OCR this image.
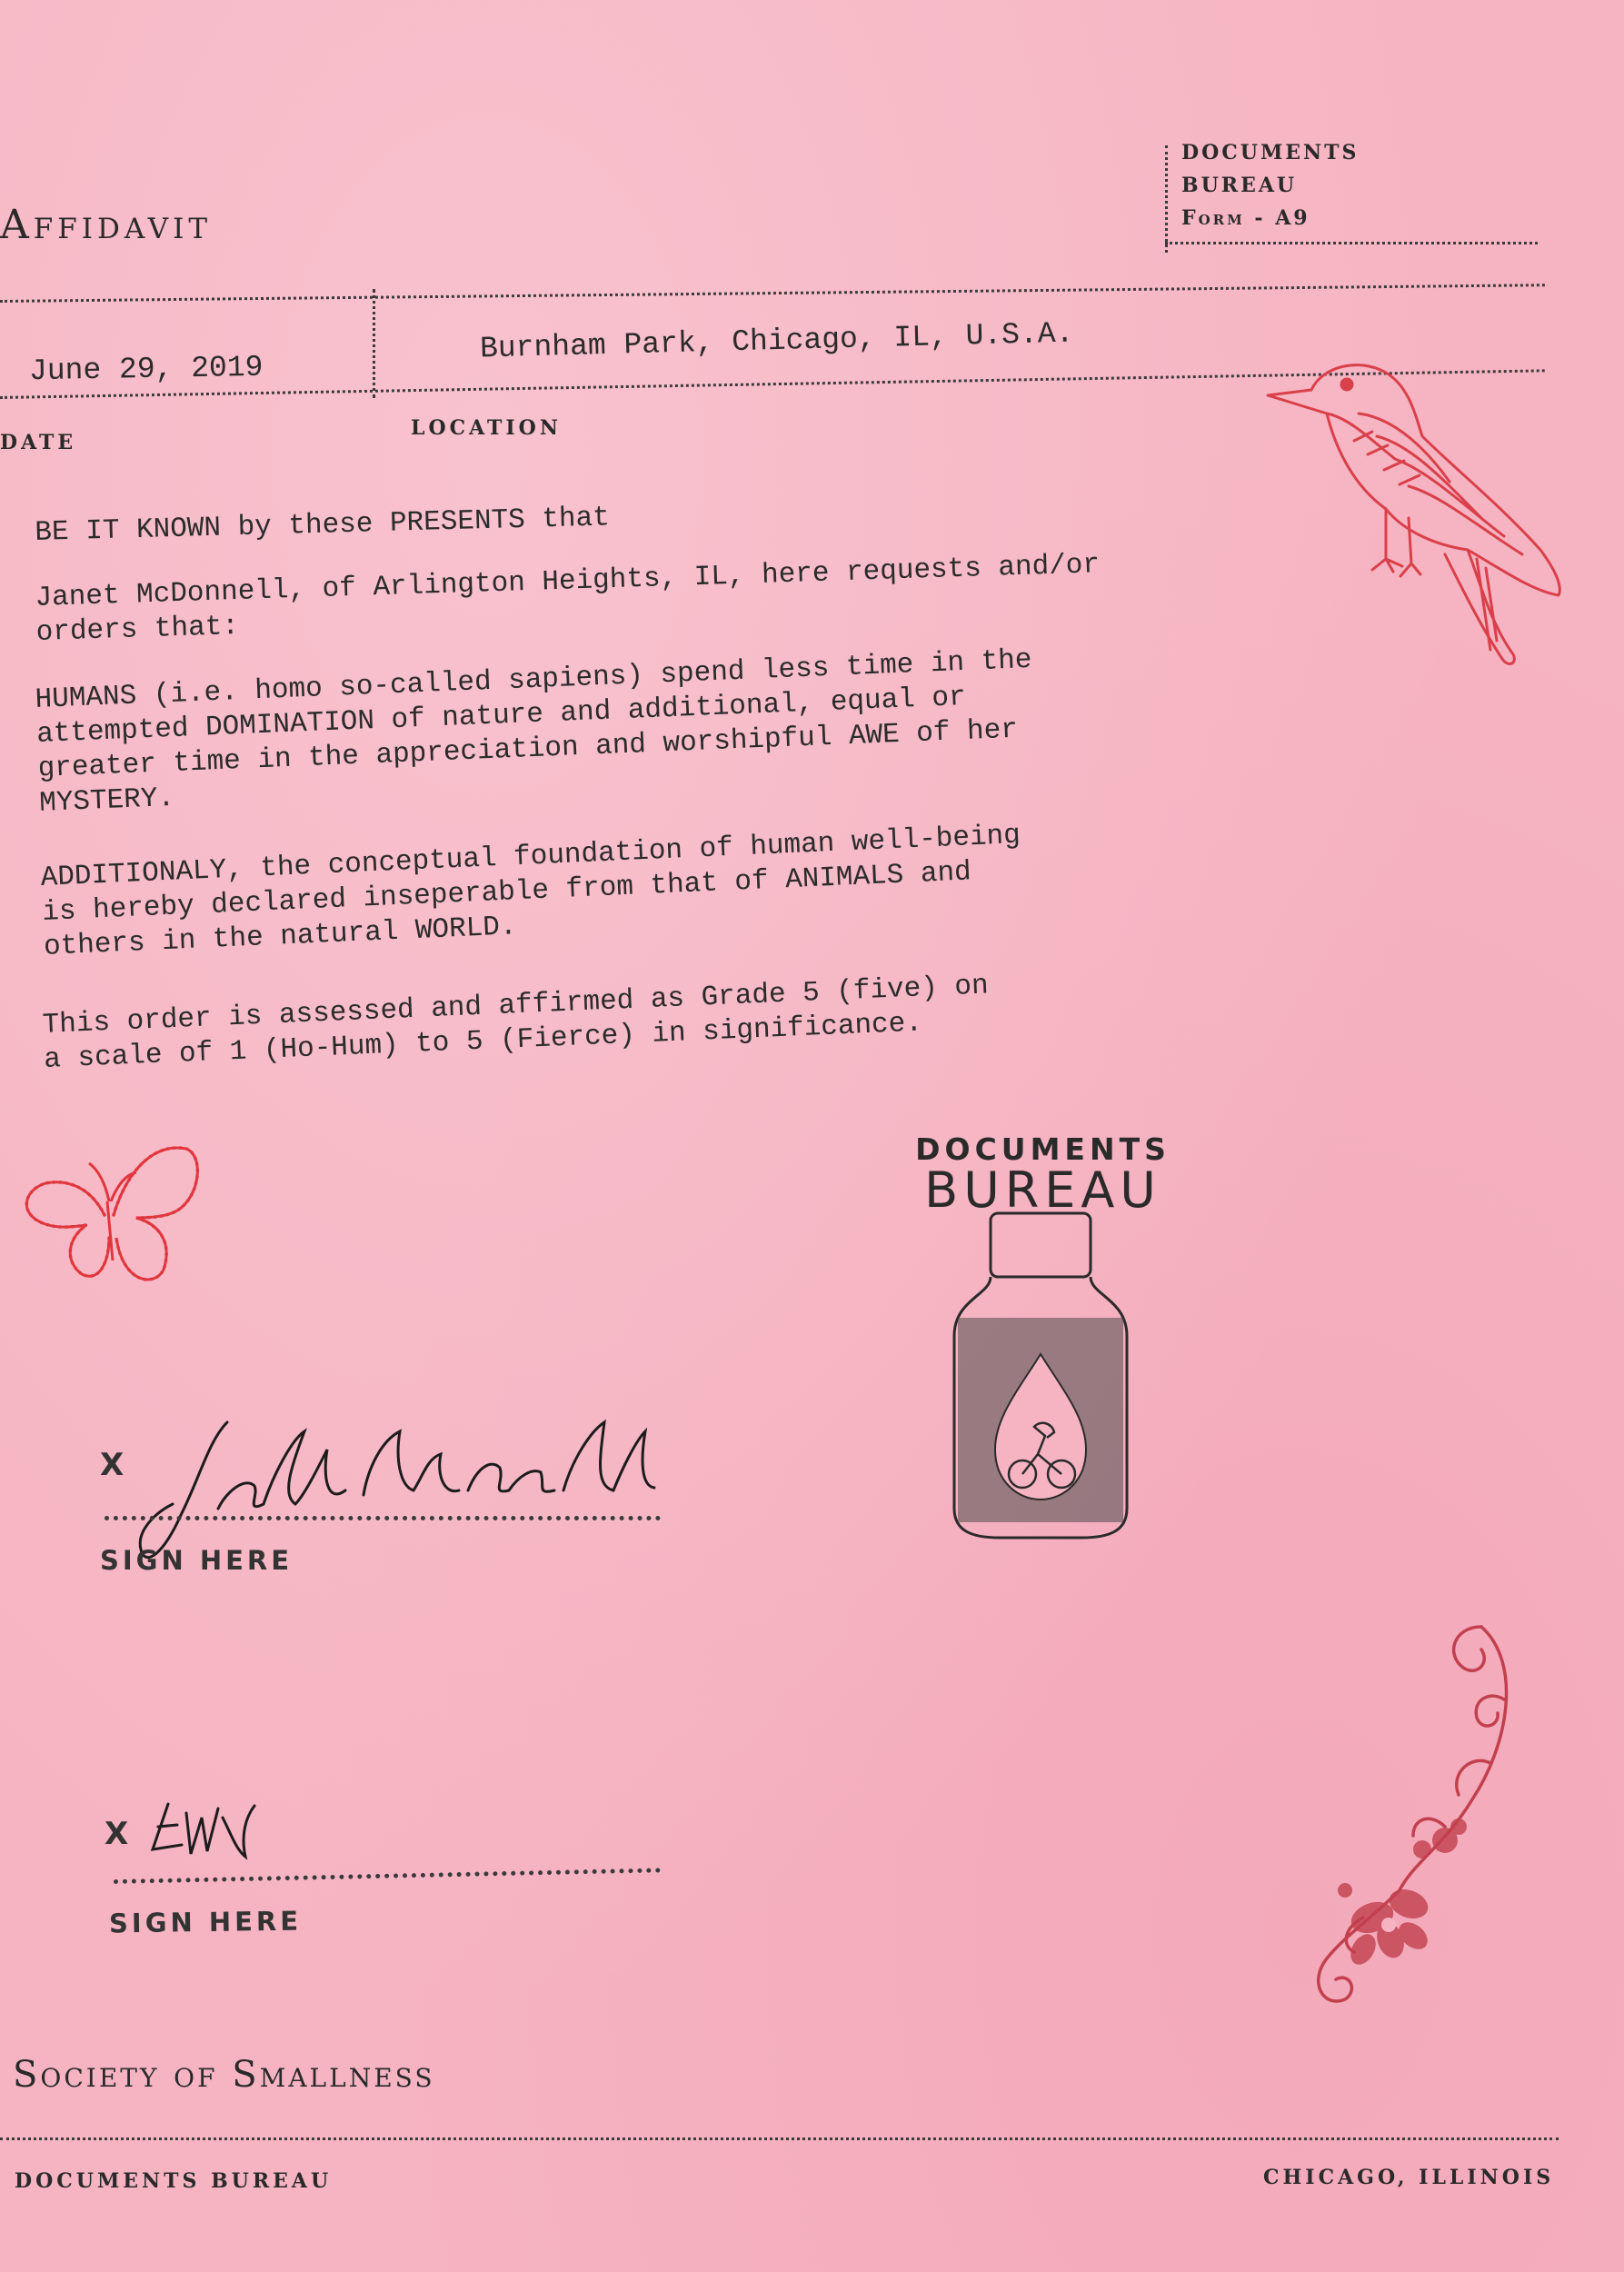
Affidavit
DOCUMENTS
BUREAU
Form - A9
June 29, 2019
Burnham Park, Chicago, IL, U.S.A.
DATE
LOCATION
BE IT KNOWN by these PRESENTS that
Janet McDonnell, of Arlington Heights, IL, here requests and/or
orders that:
HUMANS (i.e. homo so-called sapiens) spend less time in the
attempted DOMINATION of nature and additional, equal or
greater time in the appreciation and worshipful AWE of her
MYSTERY.
ADDITIONALY, the conceptual foundation of human well-being
is hereby declared inseperable from that of ANIMALS and
others in the natural WORLD.
This order is assessed and affirmed as Grade 5 (five) on
a scale of 1 (Ho-Hum) to 5 (Fierce) in significance.
DOCUMENTS
BUREAU
X
SIGN HERE
X
SIGN HERE
Society of Smallness
DOCUMENTS BUREAU	CHICAGO, ILLINOIS
